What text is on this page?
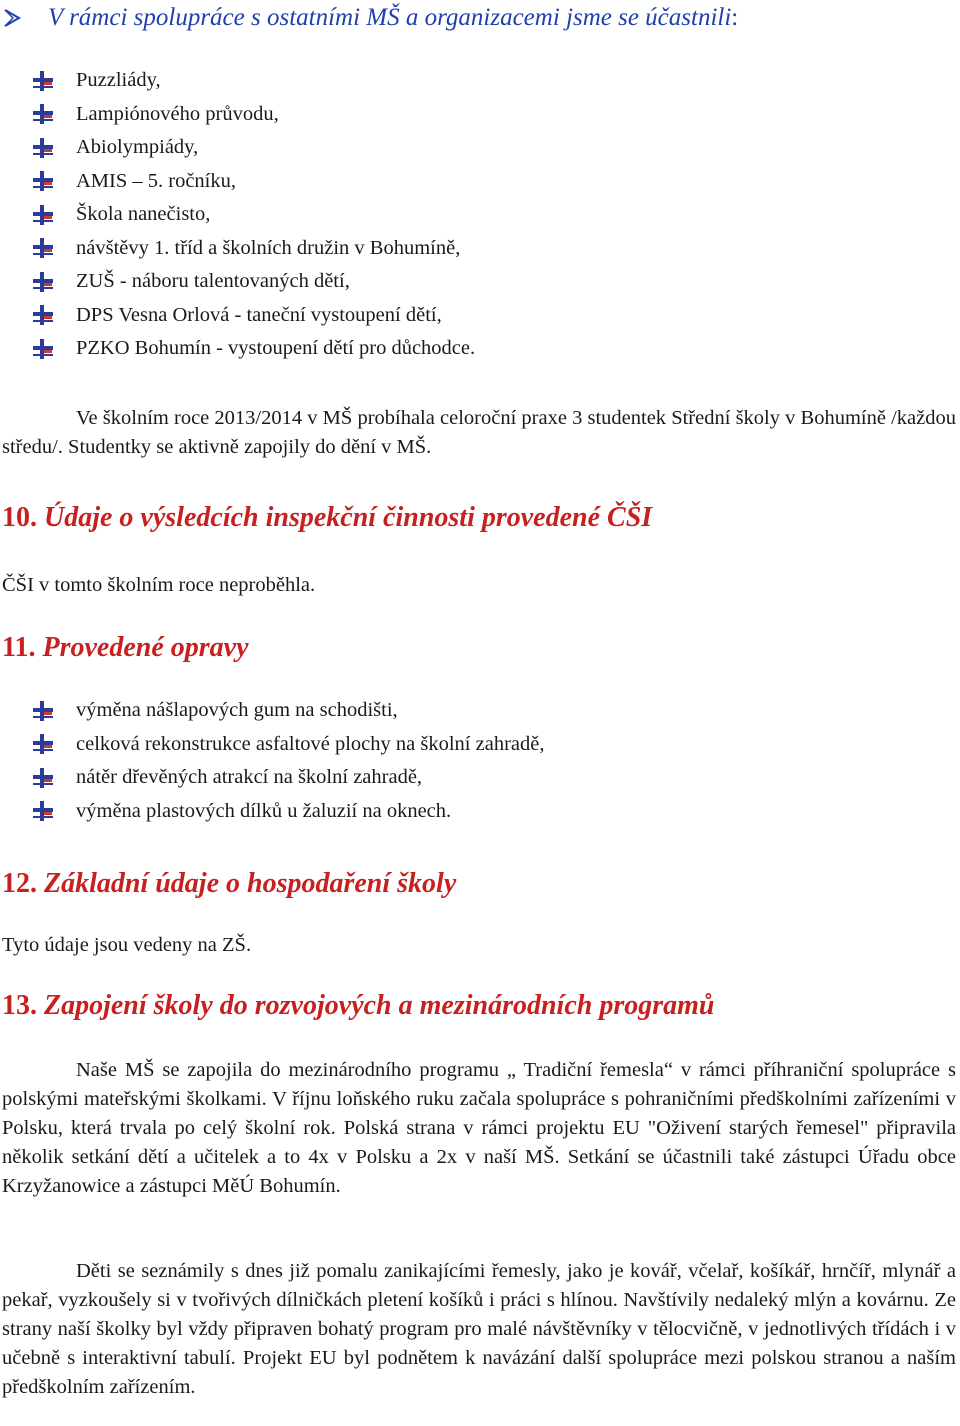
V rámci spolupráce s ostatními MŠ a organizacemi jsme se účastnili :
Puzzliády,
Lampiónového průvodu,
Abiolympiády,
AMIS – 5. ročníku,
Škola nanečisto,
návštěvy 1. tříd a školních družin v Bohumíně,
ZUŠ - náboru talentovaných dětí,
DPS Vesna Orlová - taneční vystoupení dětí,
PZKO Bohumín - vystoupení dětí pro důchodce.
Ve školním roce 2013/2014 v MŠ probíhala celoroční praxe 3 studentek Střední školy v Bohumíně /každou středu/. Studentky se aktivně zapojily do dění v MŠ.
10. Údaje o výsledcích inspekční činnosti provedené ČŠI
ČŠI v tomto školním roce neproběhla.
11. Provedené opravy
výměna nášlapových gum na schodišti,
celková rekonstrukce asfaltové plochy na školní zahradě,
nátěr dřevěných atrakcí na školní zahradě,
výměna plastových dílků u žaluzií na oknech.
12. Základní údaje o hospodaření školy
Tyto údaje jsou vedeny na ZŠ.
13. Zapojení školy do rozvojových a mezinárodních programů
Naše MŠ se zapojila do mezinárodního programu „ Tradiční řemesla“ v rámci příhraniční spolupráce s polskými mateřskými školkami. V říjnu loňského ruku začala spolupráce s pohraničními předškolními zařízeními v Polsku, která trvala po celý školní rok. Polská strana v rámci projektu EU "Oživení starých řemesel" připravila několik setkání dětí a učitelek a to 4x v Polsku a 2x v naší MŠ. Setkání se účastnili také zástupci Úřadu obce Krzyžanowice a zástupci MěÚ Bohumín.
Děti se seznámily s dnes již pomalu zanikajícími řemesly, jako je kovář, včelař, košíkář, hrnčíř, mlynář a pekař, vyzkoušely si v tvořivých dílničkách pletení košíků i práci s hlínou. Navštívily nedaleký mlýn a kovárnu. Ze strany naší školky byl vždy připraven bohatý program pro malé návštěvníky v tělocvičně, v jednotlivých třídách i v učebně s interaktivní tabulí. Projekt EU byl podnětem k navázání další spolupráce mezi polskou stranou a naším předškolním zařízením.
